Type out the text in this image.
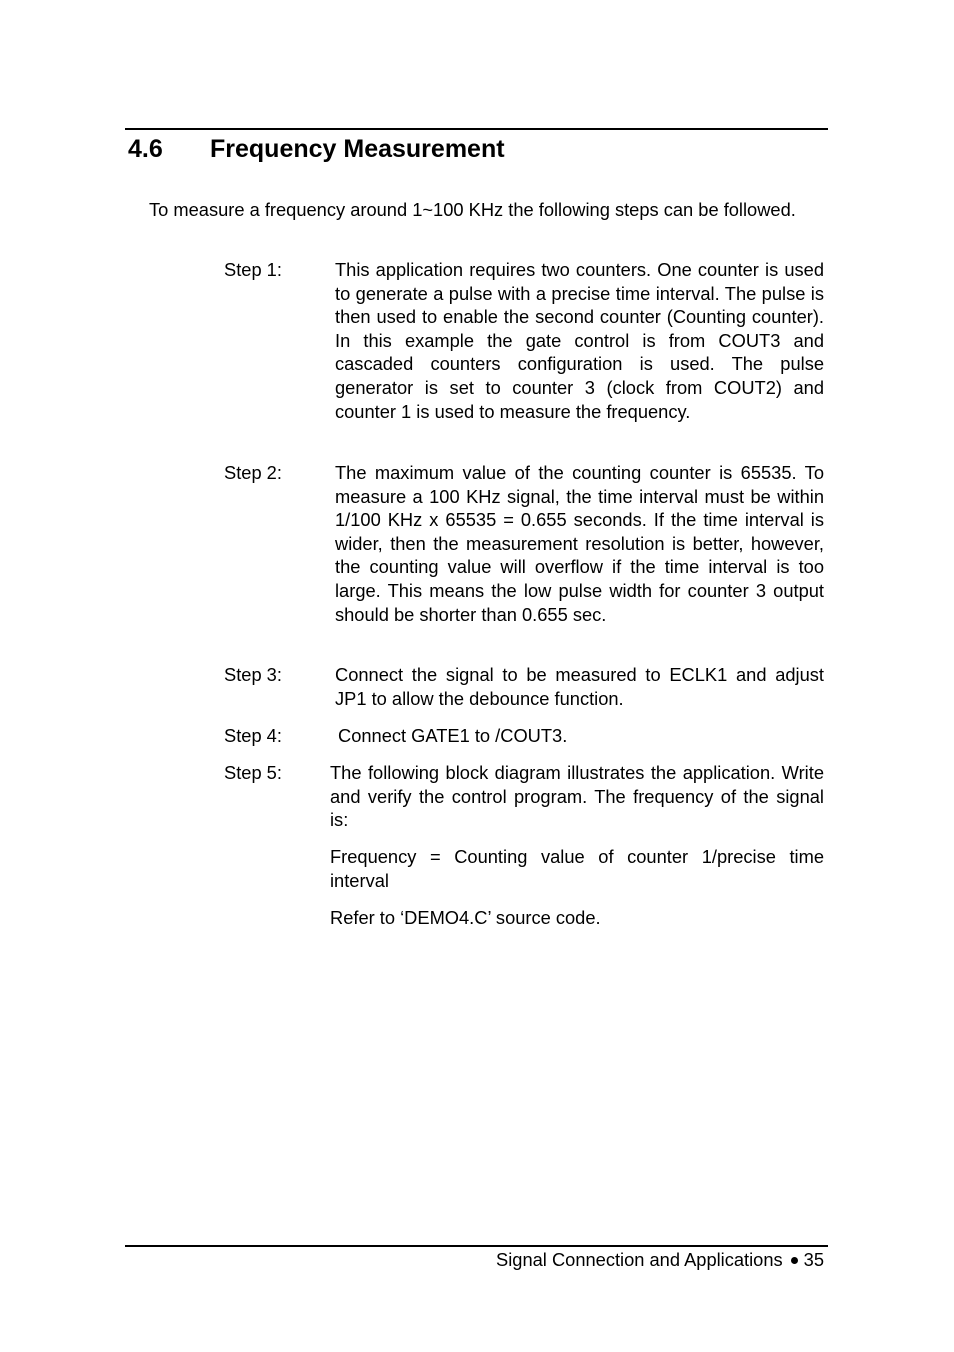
4.6 Frequency Measurement

To measure a frequency around 1~100 KHz the following steps can be followed.

Step 1:	This application requires two counters. One counter is used to generate a pulse with a precise time interval. The pulse is then used to enable the second counter (Counting counter). In this example the gate control is from COUT3 and cascaded counters configuration is used. The pulse generator is set to counter 3 (clock from COUT2) and counter 1 is used to measure the frequency.

Step 2:	The maximum value of the counting counter is 65535. To measure a 100 KHz signal, the time interval must be within 1/100 KHz x 65535 = 0.655 seconds. If the time interval is wider, then the measurement resolution is better, however, the counting value will overflow if the time interval is too large. This means the low pulse width for counter 3 output should be shorter than 0.655 sec.

Step 3:	Connect the signal to be measured to ECLK1 and adjust JP1 to allow the debounce function.

Step 4:	Connect GATE1 to /COUT3.

Step 5:	The following block diagram illustrates the application. Write and verify the control program. The frequency of the signal is:

Frequency = Counting value of counter 1/precise time interval

Refer to ‘DEMO4.C’ source code.

Signal Connection and Applications 35
